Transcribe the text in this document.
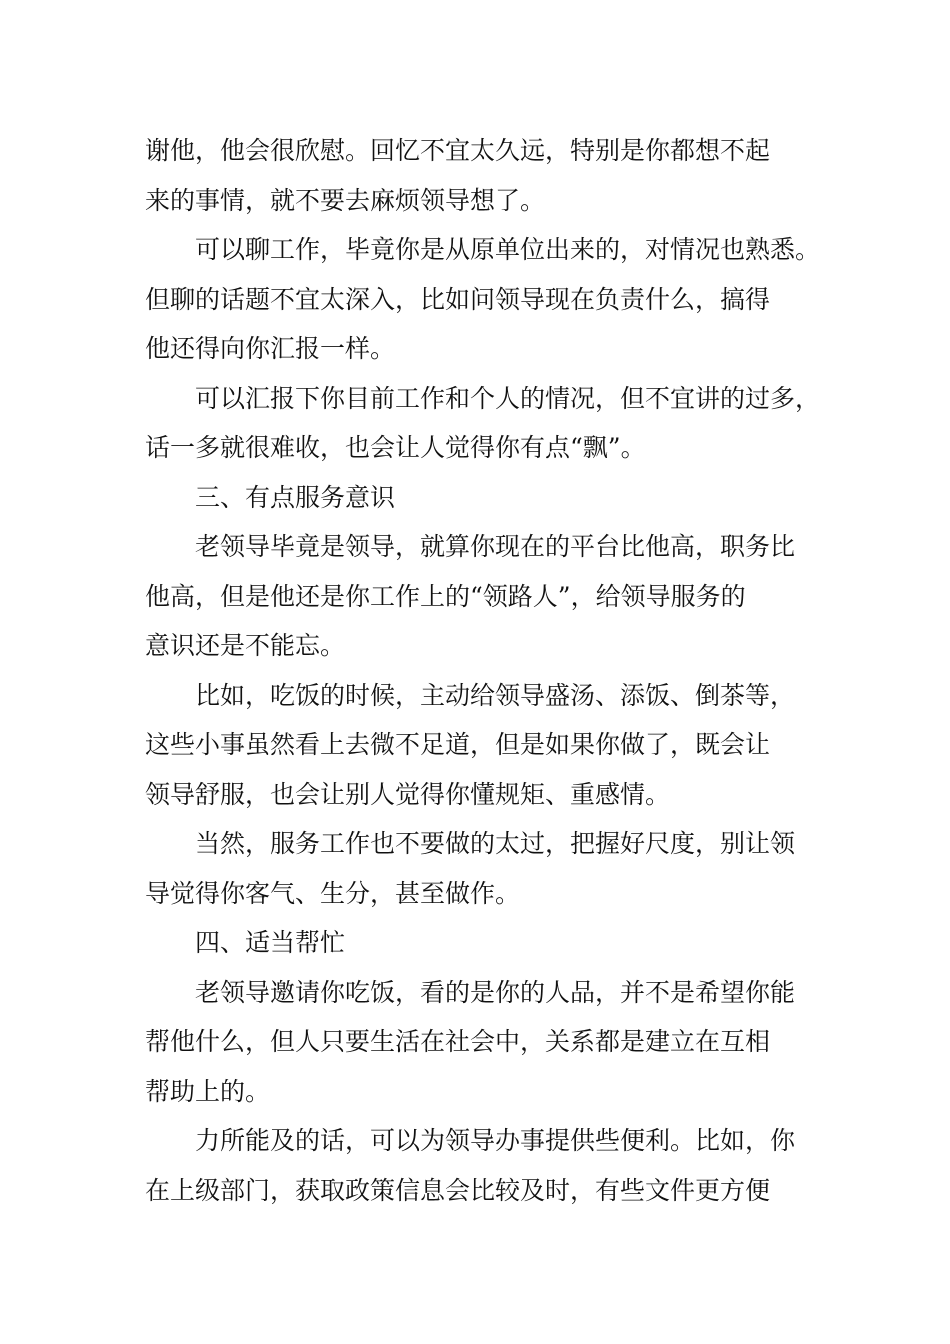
谢他，他会很欣慰。回忆不宜太久远，特别是你都想不起
来的事情，就不要去麻烦领导想了。
　　可以聊工作，毕竟你是从原单位出来的，对情况也熟悉。
但聊的话题不宜太深入，比如问领导现在负责什么，搞得
他还得向你汇报一样。
　　可以汇报下你目前工作和个人的情况，但不宜讲的过多，
话一多就很难收，也会让人觉得你有点“飘”。
　　三、有点服务意识
　　老领导毕竟是领导，就算你现在的平台比他高，职务比
他高，但是他还是你工作上的“领路人”，给领导服务的
意识还是不能忘。
　　比如，吃饭的时候，主动给领导盛汤、添饭、倒茶等，
这些小事虽然看上去微不足道，但是如果你做了，既会让
领导舒服，也会让别人觉得你懂规矩、重感情。
　　当然，服务工作也不要做的太过，把握好尺度，别让领
导觉得你客气、生分，甚至做作。
　　四、适当帮忙
　　老领导邀请你吃饭，看的是你的人品，并不是希望你能
帮他什么，但人只要生活在社会中，关系都是建立在互相
帮助上的。
　　力所能及的话，可以为领导办事提供些便利。比如，你
在上级部门，获取政策信息会比较及时，有些文件更方便
